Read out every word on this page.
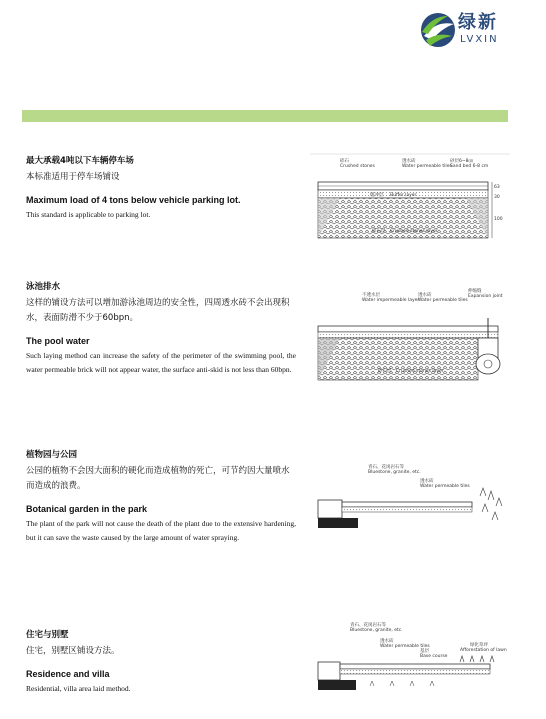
绿新
LVXIN
最大承载4吨以下车辆停车场
本标准适用于停车场铺设
Maximum load of 4 tons below vehicle parking lot.
This standard is applicable to parking lot.
碎石
Crushed stones
透水砖
Water permeable tiles
砂层6~8㎝
Sand bed 6-8 cm
缓冲层 Buffer layer
碎石层 Crushed stones layer
63
30
100
泳池排水
这样的铺设方法可以增加游泳池周边的安全性，四周透水砖不会出现积水，表面防滑不少于60bpn。
The pool water
Such laying method can increase the safety of the perimeter of the swimming pool, the water permeable brick will not appear water, the surface anti-skid is not less than 60bpn.
不透水层
Water impermeable layer
透水砖
Water permeable tiles
伸缩缝
Expansion joint
碎石层 Crushed stones layer
植物园与公园
公园的植物不会因大面积的硬化而造成植物的死亡，可节约因大量喷水而造成的浪费。
Botanical garden in the park
The plant of the park will not cause the death of the plant due to the extensive hardening, but it can save the waste caused by the large amount of water spraying.
青石、花岗岩石等
Bluestone, granite, etc.
透水砖
Water permeable tiles
住宅与别墅
住宅，别墅区铺设方法。
Residence and villa
Residential, villa area laid method.
青石、花岗岩石等
Bluestone, granite, etc.
透水砖
Water permeable tiles
基层
Base course
绿化草坪
Afforestation of lawn
